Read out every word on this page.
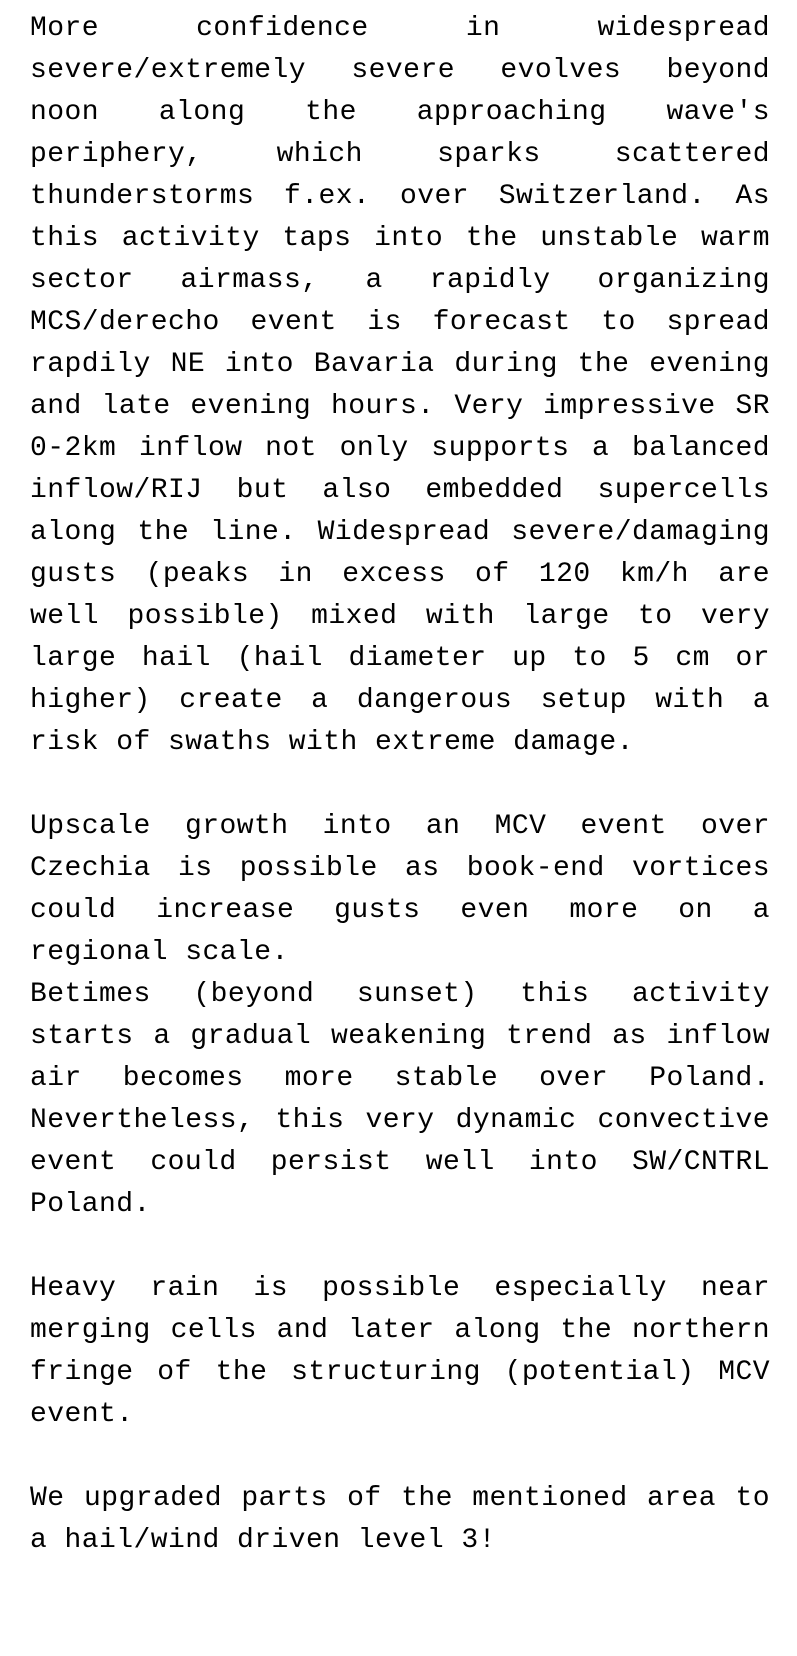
More confidence in widespread severe/extremely severe evolves beyond noon along the approaching wave's periphery, which sparks scattered thunderstorms f.ex. over Switzerland. As this activity taps into the unstable warm sector airmass, a rapidly organizing MCS/derecho event is forecast to spread rapdily NE into Bavaria during the evening and late evening hours. Very impressive SR 0-2km inflow not only supports a balanced inflow/RIJ but also embedded supercells along the line. Widespread severe/damaging gusts (peaks in excess of 120 km/h are well possible) mixed with large to very large hail (hail diameter up to 5 cm or higher) create a dangerous setup with a risk of swaths with extreme damage.

Upscale growth into an MCV event over Czechia is possible as book-end vortices could increase gusts even more on a regional scale.

Betimes (beyond sunset) this activity starts a gradual weakening trend as inflow air becomes more stable over Poland. Nevertheless, this very dynamic convective event could persist well into SW/CNTRL Poland.

Heavy rain is possible especially near merging cells and later along the northern fringe of the structuring (potential) MCV event.

We upgraded parts of the mentioned area to a hail/wind driven level 3!
